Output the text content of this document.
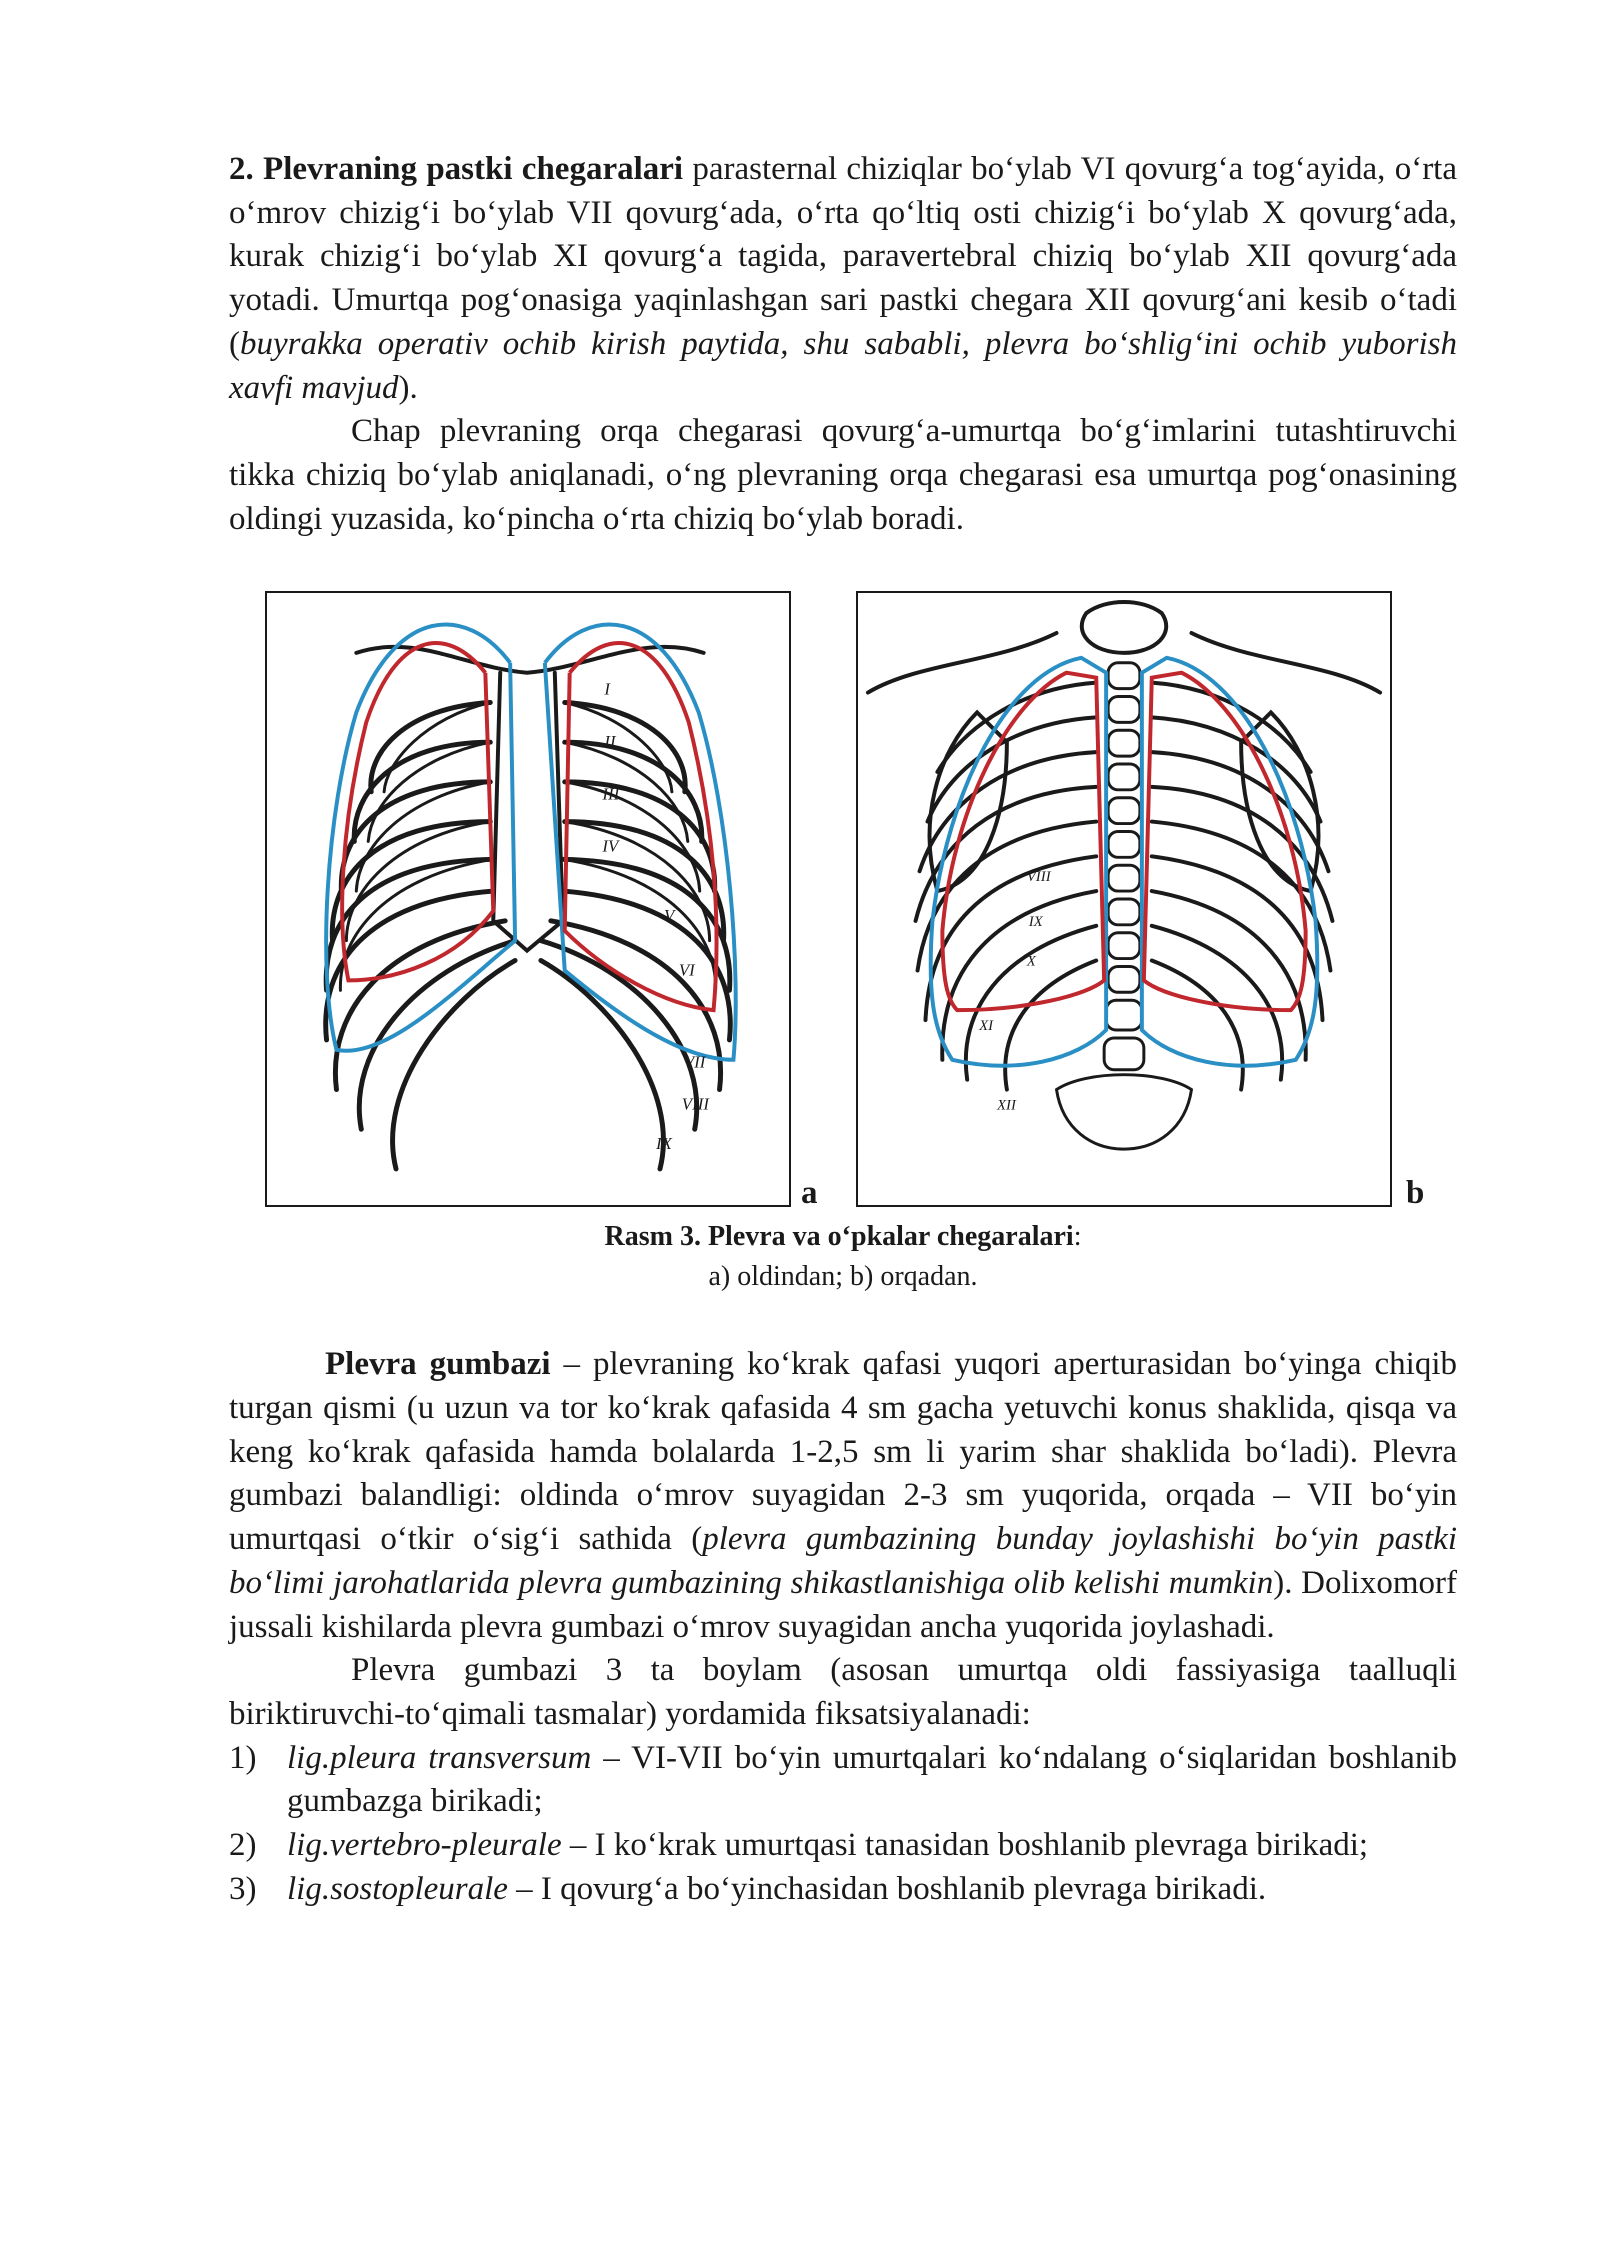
2. Plevraning pastki chegaralari parasternal chiziqlar bo‘ylab VI qovurg‘a tog‘ayida, o‘rta o‘mrov chizig‘i bo‘ylab VII qovurg‘ada, o‘rta qo‘ltiq osti chizig‘i bo‘ylab X qovurg‘ada, kurak chizig‘i bo‘ylab XI qovurg‘a tagida, paravertebral chiziq bo‘ylab XII qovurg‘ada yotadi. Umurtqa pog‘onasiga yaqinlashgan sari pastki chegara XII qovurg‘ani kesib o‘tadi (buyrakka operativ ochib kirish paytida, shu sababli, plevra bo‘shlig‘ini ochib yuborish xavfi mavjud).

Chap plevraning orqa chegarasi qovurg‘a-umurtqa bo‘g‘imlarini tutashtiruvchi tikka chiziq bo‘ylab aniqlanadi, o‘ng plevraning orqa chegarasi esa umurtqa pog‘onasining oldingi yuzasida, ko‘pincha o‘rta chiziq bo‘ylab boradi.

I
II
III
IV
V
VI
VII
VIII
IX
a
VIII
IX
X
XI
XII
b
Rasm 3. Plevra va o‘pkalar chegaralari:
a) oldindan; b) orqadan.

Plevra gumbazi – plevraning ko‘krak qafasi yuqori aperturasidan bo‘yinga chiqib turgan qismi (u uzun va tor ko‘krak qafasida 4 sm gacha yetuvchi konus shaklida, qisqa va keng ko‘krak qafasida hamda bolalarda 1-2,5 sm li yarim shar shaklida bo‘ladi). Plevra gumbazi balandligi: oldinda o‘mrov suyagidan 2-3 sm yuqorida, orqada – VII bo‘yin umurtqasi o‘tkir o‘sig‘i sathida (plevra gumbazining bunday joylashishi bo‘yin pastki bo‘limi jarohatlarida plevra gumbazining shikastlanishiga olib kelishi mumkin). Dolixomorf jussali kishilarda plevra gumbazi o‘mrov suyagidan ancha yuqorida joylashadi.

Plevra gumbazi 3 ta boylam (asosan umurtqa oldi fassiyasiga taalluqli biriktiruvchi-to‘qimali tasmalar) yordamida fiksatsiyalanadi:

1) lig.pleura transversum – VI-VII bo‘yin umurtqalari ko‘ndalang o‘siqlaridan boshlanib gumbazga birikadi;
2) lig.vertebro-pleurale – I ko‘krak umurtqasi tanasidan boshlanib plevraga birikadi;
3) lig.sostopleurale – I qovurg‘a bo‘yinchasidan boshlanib plevraga birikadi.
